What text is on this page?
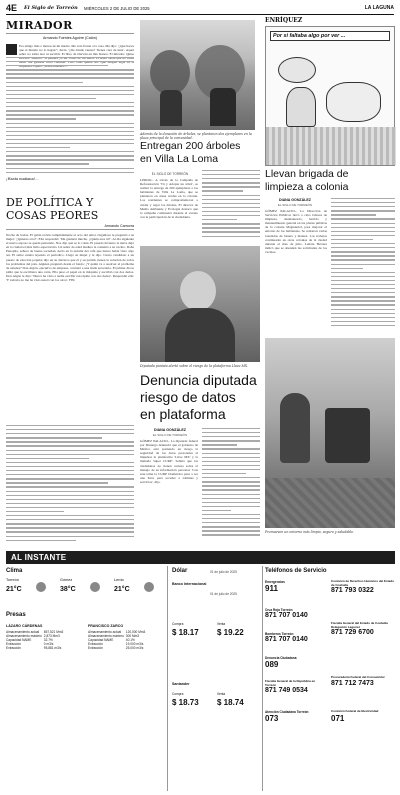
4E El Siglo de Torreón MIÉRCOLES 2 DE JULIO DE 2025	LA LAGUNA
MIRADOR
Armando Fuentes Aguirre (Catón)
Era amigo más o menos de mi madre. Me veía frente a la casa. Ma dijo: '¿Qué haces que el mundo no lo hagas?', decía. '¿De dónde vienes? Tienes cara de luna'. Aquel señor no sabía leer ni escribir. El libro de Darwin en mis manos. El mirador. Quise
¡Hasta mañana!...
Además de la donación de árboles, se plantaron dos ejemplares en la plaza principal de la comunidad.
ENRÍQUEZ
Por si faltaba algo por ver ...
Entregan 200 árboles
en Villa La Loma
EL SIGLO DE TORREÓN
LERDO.- A través de la Campaña de Reforestación 'Tú y Adopta un árbol', se realizó la entrega de 200 ejemplares a los habitantes de Villa La Loma, que se plantaron en áreas verdes en la colonia. Los residentes se comprometieron a cuidar y regar los árboles. El director de Medio Ambiente y Ecología destacó que la campaña continuará durante el verano con la participación de la ciudadanía.
DE POLÍTICA Y
COSAS PEORES
Armando Camorra
Noche de bodas. El galán recién cumplidamente al acto del amor. Orgullosa le preguntó a su mujer: '¿Quieres otra?'. Ella respondió: 'Me gustaría mucho. ¿Quién eres tú?'. Al día siguiente el nuevo esposo se queda pensando. Nos dijo que se lo conté. El pasado invierno la nieve dejó en la ciudad el más bello espectáculo. Un señor de edad madura le comentó a su vecino. Doña Panoplia, señora de buena sociedad, decía en la tertulia del café que nunca había visto algo así. El señor estaba leyendo el periódico. Llegó su mujer y le dijo. Cierto candidato a un puesto de elección popular dijo en su discurso que él y su partido tienen la solución de todos los problemas del país. Alguien preguntó desde el fondo: ¿Y quién va a resolver el problema de ustedes? Don Algón, ejecutivo de empresa, contrató a una linda secretaria. El primer día le pidió que le escribiera una carta. Ella puso el papel en la máquina y escribió con dos dedos. Don Algón le dijo: 'Nunca he visto a nadie escribir tan rápido con dos dedos'. Respondió ella: 'Y todavía no me ha visto usted con los otros'. FIN.
Llevan brigada de
limpieza a colonia
DIANA GONZÁLEZ
EL SIGLO DE TORREÓN
GÓMEZ PALACIO.- La Dirección de Servicios Públicos llevó a cabo labores de limpieza, desmalezado, barrido y mantenimiento general en las plazas públicas de la colonia Magisterial, para mejorar el entorno de los habitantes. Se retiraron varias toneladas de basura y maleza. Los trabajos continuarán en otras colonias de la ciudad durante el mes de julio. Letizia Herrera indicó que se atienden las solicitudes de los vecinos.
Promueven un entorno más limpio, seguro y saludable.
Diputada panista alertó sobre el riesgo de la plataforma Llave MX.
Denuncia diputada
riesgo de datos
en plataforma
DIANA GONZÁLEZ
EL SIGLO DE TORREÓN
GÓMEZ PALACIO.- La diputada federal por Durango denunció que el gobierno de México está poniendo en riesgo la seguridad de los datos personales al impulsar la plataforma 'Llave MX' y la llamada 'súper CURP'. Señaló que los ciudadanos no tienen certeza sobre el manejo de su información personal. 'Con este tema la CURP biométrica pasa a ser una llave para acceder a trámites y servicios', dijo.
AL INSTANTE
Clima
Torreón
21°C
Gómez
38°C
Lerdo
21°C
Presas
LÁZARO CÁRDENAS
Almacenamiento actual	857,521 Mm3
Almacenamiento máximo	2,873 Mm3
Capacidad NAME	32.7%
Extracción	0 m3/s
Extracción	95,881 m3/s
FRANCISCO ZARCO
Almacenamiento actual	120,000 Mm3
Almacenamiento máximo	300 Mm3
Capacidad NAME	40.1%
Extracción	19,000 m3/s
Extracción	25,000 m3/s
Dólar	01 de julio de 2025
Banco Internacional
Compra	Venta
$ 18.17 $ 19.22
01 de julio de 2025
Santander
Compra	Venta
$ 18.73 $ 18.74
Teléfonos de Servicio
Emergencias
911
Comisión de Derechos Humanos del Estado de Coahuila
871 793 0322
Cruz Roja Torreón
871 707 0140
Bomberos Torreón
871 707 0140
Fiscalía General del Estado de Coahuila Delegación Laguna I
871 729 6700
Denuncia Ciudadana
089
Fiscalía General de la República en Torreón
871 749 0534
Procuraduría Federal del Consumidor
871 712 7473
Atención Ciudadana Torreón
073
Comisión Federal de Electricidad
071
